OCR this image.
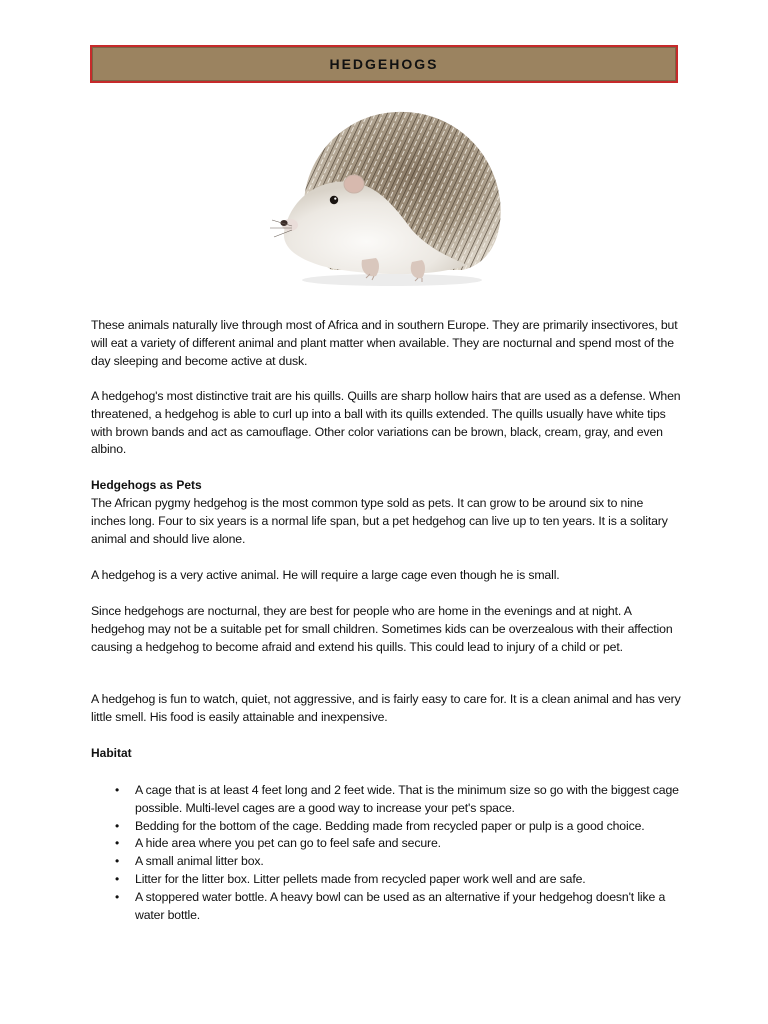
HEDGEHOGS

These animals naturally live through most of Africa and in southern Europe. They are primarily insectivores, but will eat a variety of different animal and plant matter when available. They are nocturnal and spend most of the day sleeping and become active at dusk.

A hedgehog's most distinctive trait are his quills. Quills are sharp hollow hairs that are used as a defense. When threatened, a hedgehog is able to curl up into a ball with its quills extended. The quills usually have white tips with brown bands and act as camouflage. Other color variations can be brown, black, cream, gray, and even albino.

Hedgehogs as Pets

The African pygmy hedgehog is the most common type sold as pets. It can grow to be around six to nine inches long. Four to six years is a normal life span, but a pet hedgehog can live up to ten years. It is a solitary animal and should live alone.

A hedgehog is a very active animal. He will require a large cage even though he is small.

Since hedgehogs are nocturnal, they are best for people who are home in the evenings and at night. A hedgehog may not be a suitable pet for small children. Sometimes kids can be overzealous with their affection causing a hedgehog to become afraid and extend his quills. This could lead to injury of a child or pet.

A hedgehog is fun to watch, quiet, not aggressive, and is fairly easy to care for. It is a clean animal and has very little smell. His food is easily attainable and inexpensive.

Habitat

• A cage that is at least 4 feet long and 2 feet wide. That is the minimum size so go with the biggest cage possible. Multi-level cages are a good way to increase your pet's space.
• Bedding for the bottom of the cage. Bedding made from recycled paper or pulp is a good choice.
• A hide area where you pet can go to feel safe and secure.
• A small animal litter box.
• Litter for the litter box. Litter pellets made from recycled paper work well and are safe.
• A stoppered water bottle. A heavy bowl can be used as an alternative if your hedgehog doesn't like a water bottle.
